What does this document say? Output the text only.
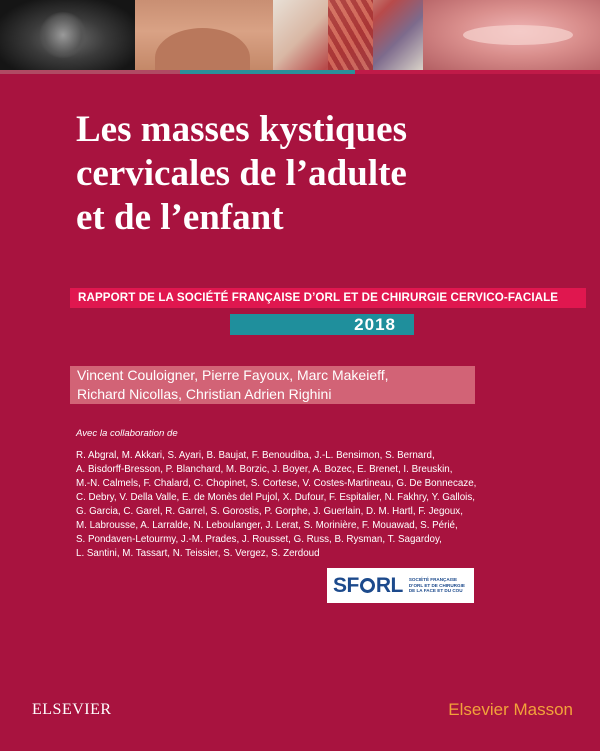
Les masses kystiques
cervicales de l’adulte
et de l’enfant
RAPPORT DE LA SOCIÉTÉ FRANÇAISE D’ORL ET DE CHIRURGIE CERVICO-FACIALE
2018
Vincent Couloigner, Pierre Fayoux, Marc Makeieff,
Richard Nicollas, Christian Adrien Righini
Avec la collaboration de
R. Abgral, M. Akkari, S. Ayari, B. Baujat, F. Benoudiba, J.-L. Bensimon, S. Bernard,
A. Bisdorff-Bresson, P. Blanchard, M. Borzic, J. Boyer, A. Bozec, E. Brenet, I. Breuskin,
M.-N. Calmels, F. Chalard, C. Chopinet, S. Cortese, V. Costes-Martineau, G. De Bonnecaze,
C. Debry, V. Della Valle, E. de Monès del Pujol, X. Dufour, F. Espitalier, N. Fakhry, Y. Gallois,
G. Garcia, C. Garel, R. Garrel, S. Gorostis, P. Gorphe, J. Guerlain, D. M. Hartl, F. Jegoux,
M. Labrousse, A. Larralde, N. Leboulanger, J. Lerat, S. Morinière, F. Mouawad, S. Périé,
S. Pondaven-Letourmy, J.-M. Prades, J. Rousset, G. Russ, B. Rysman, T. Sagardoy,
L. Santini, M. Tassart, N. Teissier, S. Vergez, S. Zerdoud
SF RL SOCIÉTÉ FRANÇAISE D’ORL ET DE CHIRURGIE DE LA FACE ET DU COU
ELSEVIER	Elsevier Masson
